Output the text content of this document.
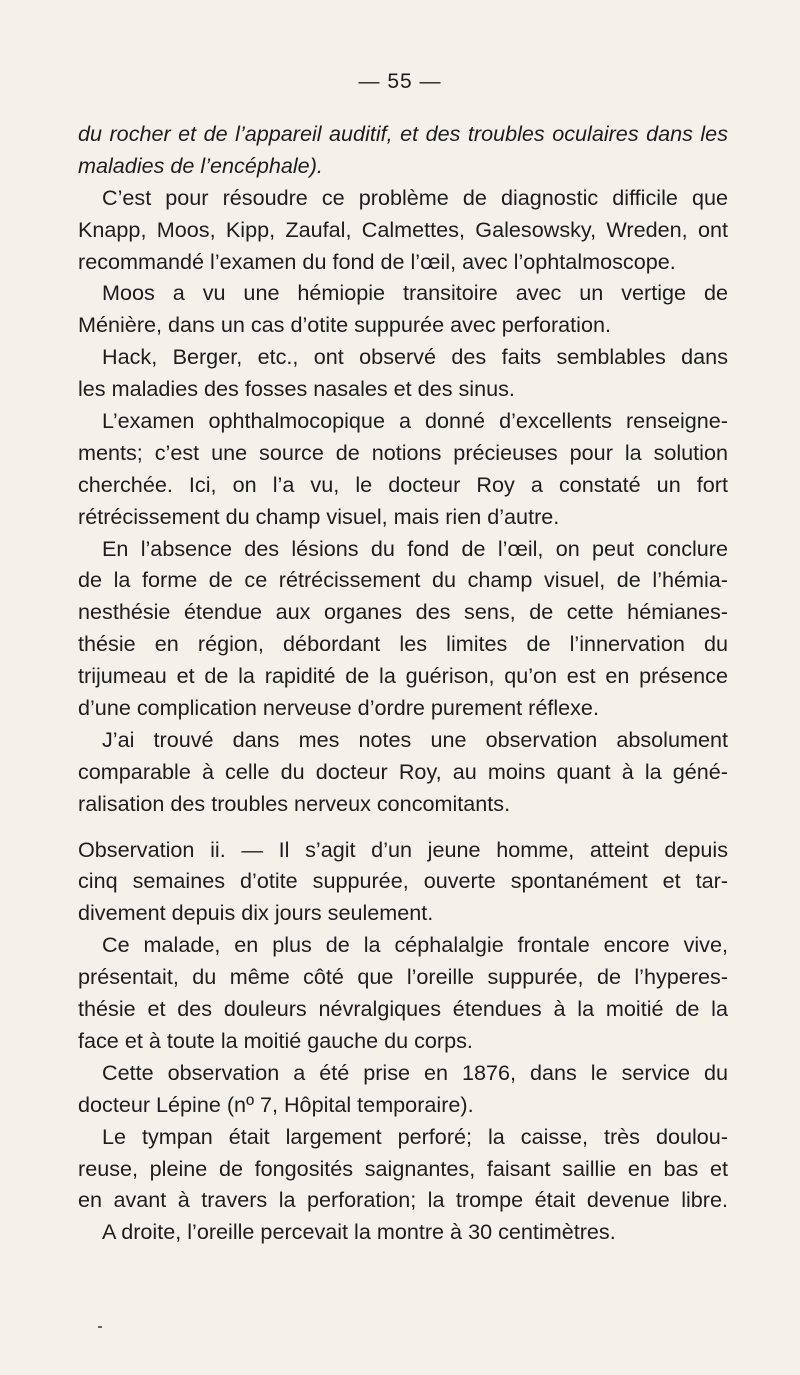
— 55 —
du rocher et de l’appareil auditif, et des troubles oculaires dans les
maladies de l’encéphale).
C’est pour résoudre ce problème de diagnostic difficile que
Knapp, Moos, Kipp, Zaufal, Calmettes, Galesowsky, Wreden, ont
recommandé l’examen du fond de l’œil, avec l’ophtalmoscope.
Moos a vu une hémiopie transitoire avec un vertige de
Ménière, dans un cas d’otite suppurée avec perforation.
Hack, Berger, etc., ont observé des faits semblables dans
les maladies des fosses nasales et des sinus.
L’examen ophthalmocopique a donné d’excellents renseigne-
ments; c’est une source de notions précieuses pour la solution
cherchée. Ici, on l’a vu, le docteur Roy a constaté un fort
rétrécissement du champ visuel, mais rien d’autre.
En l’absence des lésions du fond de l’œil, on peut conclure
de la forme de ce rétrécissement du champ visuel, de l’hémia-
nesthésie étendue aux organes des sens, de cette hémianes-
thésie en région, débordant les limites de l’innervation du
trijumeau et de la rapidité de la guérison, qu’on est en présence
d’une complication nerveuse d’ordre purement réflexe.
J’ai trouvé dans mes notes une observation absolument
comparable à celle du docteur Roy, au moins quant à la géné-
ralisation des troubles nerveux concomitants.
Observation ii. — Il s’agit d’un jeune homme, atteint depuis
cinq semaines d’otite suppurée, ouverte spontanément et tar-
divement depuis dix jours seulement.
Ce malade, en plus de la céphalalgie frontale encore vive,
présentait, du même côté que l’oreille suppurée, de l’hyperes-
thésie et des douleurs névralgiques étendues à la moitié de la
face et à toute la moitié gauche du corps.
Cette observation a été prise en 1876, dans le service du
docteur Lépine (nº 7, Hôpital temporaire).
Le tympan était largement perforé; la caisse, très doulou-
reuse, pleine de fongosités saignantes, faisant saillie en bas et
en avant à travers la perforation; la trompe était devenue libre.
A droite, l’oreille percevait la montre à 30 centimètres.
